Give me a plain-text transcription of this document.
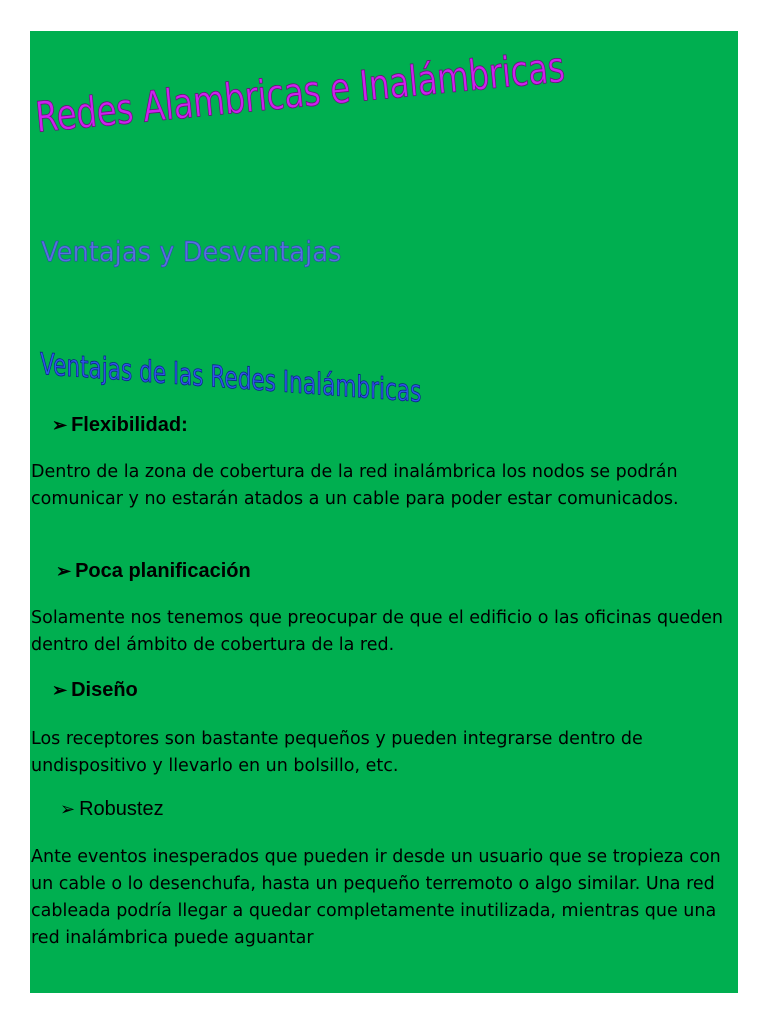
Redes Alambricas e Inalámbricas
Ventajas y Desventajas
Ventajas de las Redes Inalámbricas
➢ Flexibilidad:

Dentro de la zona de cobertura de la red inalámbrica los nodos se podrán comunicar y no estarán atados a un cable para poder estar comunicados.

➢ Poca planificación

Solamente nos tenemos que preocupar de que el edificio o las oficinas queden dentro del ámbito de cobertura de la red.

➢ Diseño

Los receptores son bastante pequeños y pueden integrarse dentro de undispositivo y llevarlo en un bolsillo, etc.

➢ Robustez

Ante eventos inesperados que pueden ir desde un usuario que se tropieza con un cable o lo desenchufa, hasta un pequeño terremoto o algo similar. Una red cableada podría llegar a quedar completamente inutilizada, mientras que una red inalámbrica puede aguantar
